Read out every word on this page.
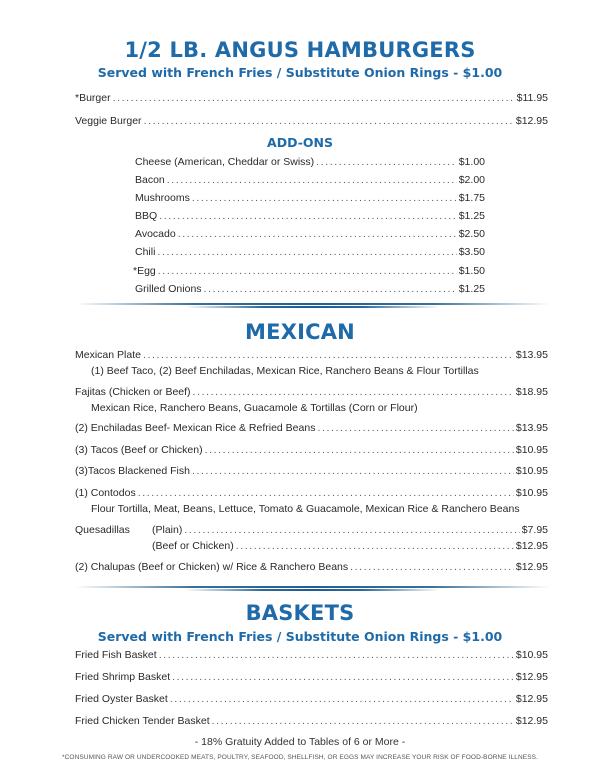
1/2 LB. ANGUS HAMBURGERS
Served with French Fries / Substitute Onion Rings - $1.00
*Burger .....	$11.95
Veggie Burger .....	$12.95
ADD-ONS
Cheese (American, Cheddar or Swiss) .....	$1.00
Bacon .....	$2.00
Mushrooms .....	$1.75
BBQ .....	$1.25
Avocado .....	$2.50
Chili .....	$3.50
*Egg .....	$1.50
Grilled Onions .....	$1.25
MEXICAN
Mexican Plate .....	$13.95
(1) Beef Taco, (2) Beef Enchiladas, Mexican Rice, Ranchero Beans & Flour Tortillas
Fajitas (Chicken or Beef) .....	$18.95
Mexican Rice, Ranchero Beans, Guacamole & Tortillas (Corn or Flour)
(2) Enchiladas Beef- Mexican Rice & Refried Beans .....	$13.95
(3) Tacos (Beef or Chicken) .....	$10.95
(3)Tacos Blackened Fish .....	$10.95
(1) Contodos .....	$10.95
Flour Tortilla, Meat, Beans, Lettuce, Tomato & Guacamole, Mexican Rice & Ranchero Beans
Quesadillas (Plain) .....	$7.95
(Beef or Chicken) .....	$12.95
(2) Chalupas (Beef or Chicken) w/ Rice & Ranchero Beans .....	$12.95
BASKETS
Served with French Fries / Substitute Onion Rings - $1.00
Fried Fish Basket .....	$10.95
Fried Shrimp Basket .....	$12.95
Fried Oyster Basket .....	$12.95
Fried Chicken Tender Basket .....	$12.95
- 18% Gratuity Added to Tables of 6 or More -
*CONSUMING RAW OR UNDERCOOKED MEATS, POULTRY, SEAFOOD, SHELLFISH, OR EGGS MAY INCREASE YOUR RISK OF FOOD-BORNE ILLNESS.
